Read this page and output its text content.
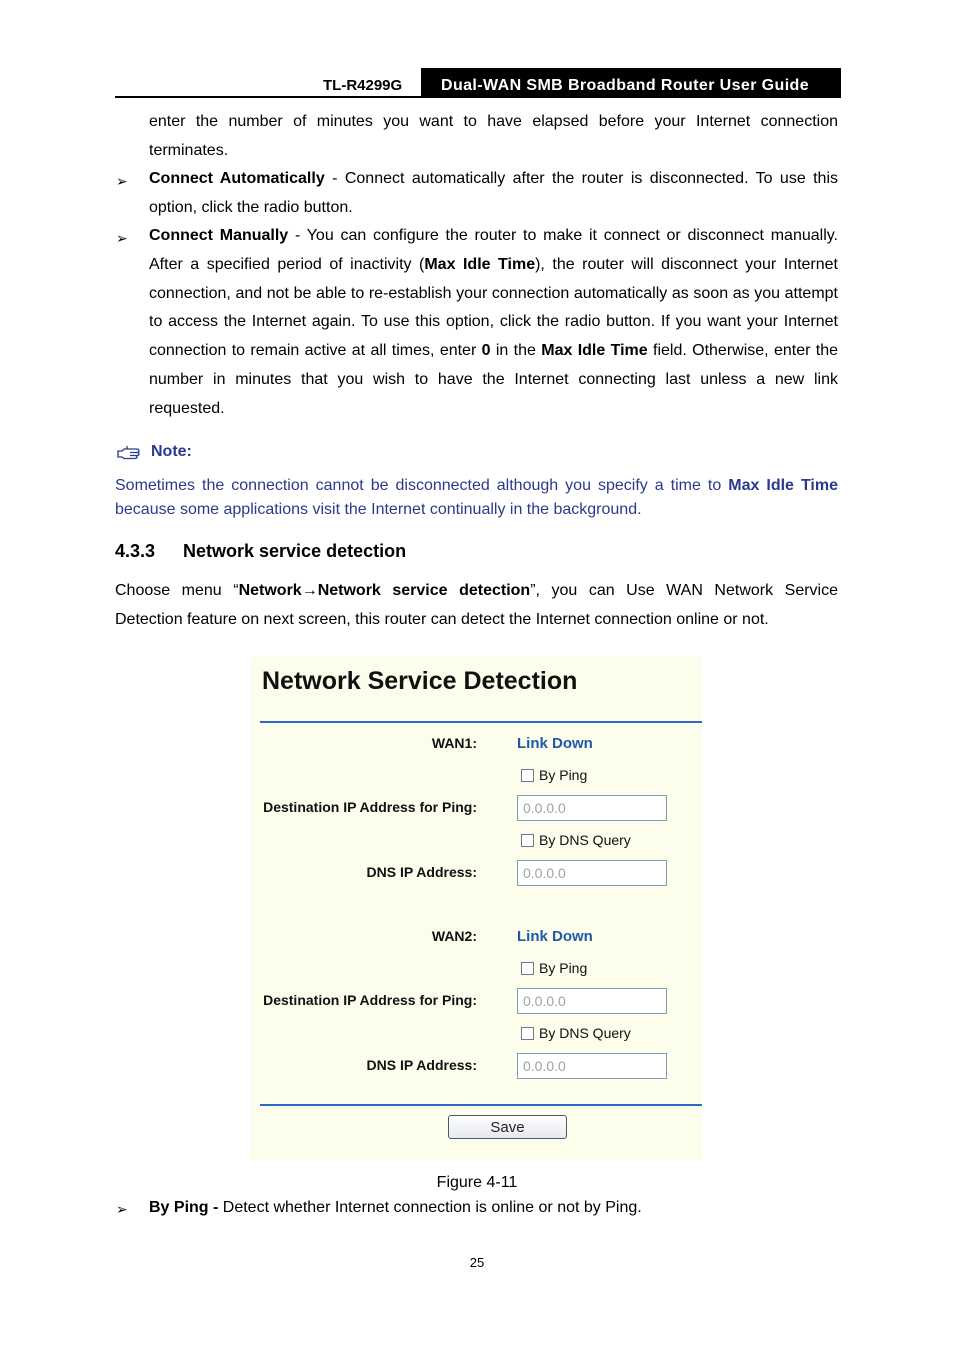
TL-R4299G	Dual-WAN SMB Broadband Router User Guide
enter the number of minutes you want to have elapsed before your Internet connection terminates.
➢ Connect Automatically - Connect automatically after the router is disconnected. To use this option, click the radio button.
➢ Connect Manually - You can configure the router to make it connect or disconnect manually. After a specified period of inactivity (Max Idle Time), the router will disconnect your Internet connection, and not be able to re-establish your connection automatically as soon as you attempt to access the Internet again. To use this option, click the radio button. If you want your Internet connection to remain active at all times, enter 0 in the Max Idle Time field. Otherwise, enter the number in minutes that you wish to have the Internet connecting last unless a new link requested.
Note:
Sometimes the connection cannot be disconnected although you specify a time to Max Idle Time because some applications visit the Internet continually in the background.
4.3.3 Network service detection
Choose menu “Network→Network service detection”, you can Use WAN Network Service Detection feature on next screen, this router can detect the Internet connection online or not.
Network Service Detection
WAN1:	Link Down
By Ping
Destination IP Address for Ping:
0.0.0.0
By DNS Query
DNS IP Address:
0.0.0.0
WAN2:	Link Down
By Ping
Destination IP Address for Ping:
0.0.0.0
By DNS Query
DNS IP Address:
0.0.0.0
Save
Figure 4-11
➢ By Ping - Detect whether Internet connection is online or not by Ping.
25
